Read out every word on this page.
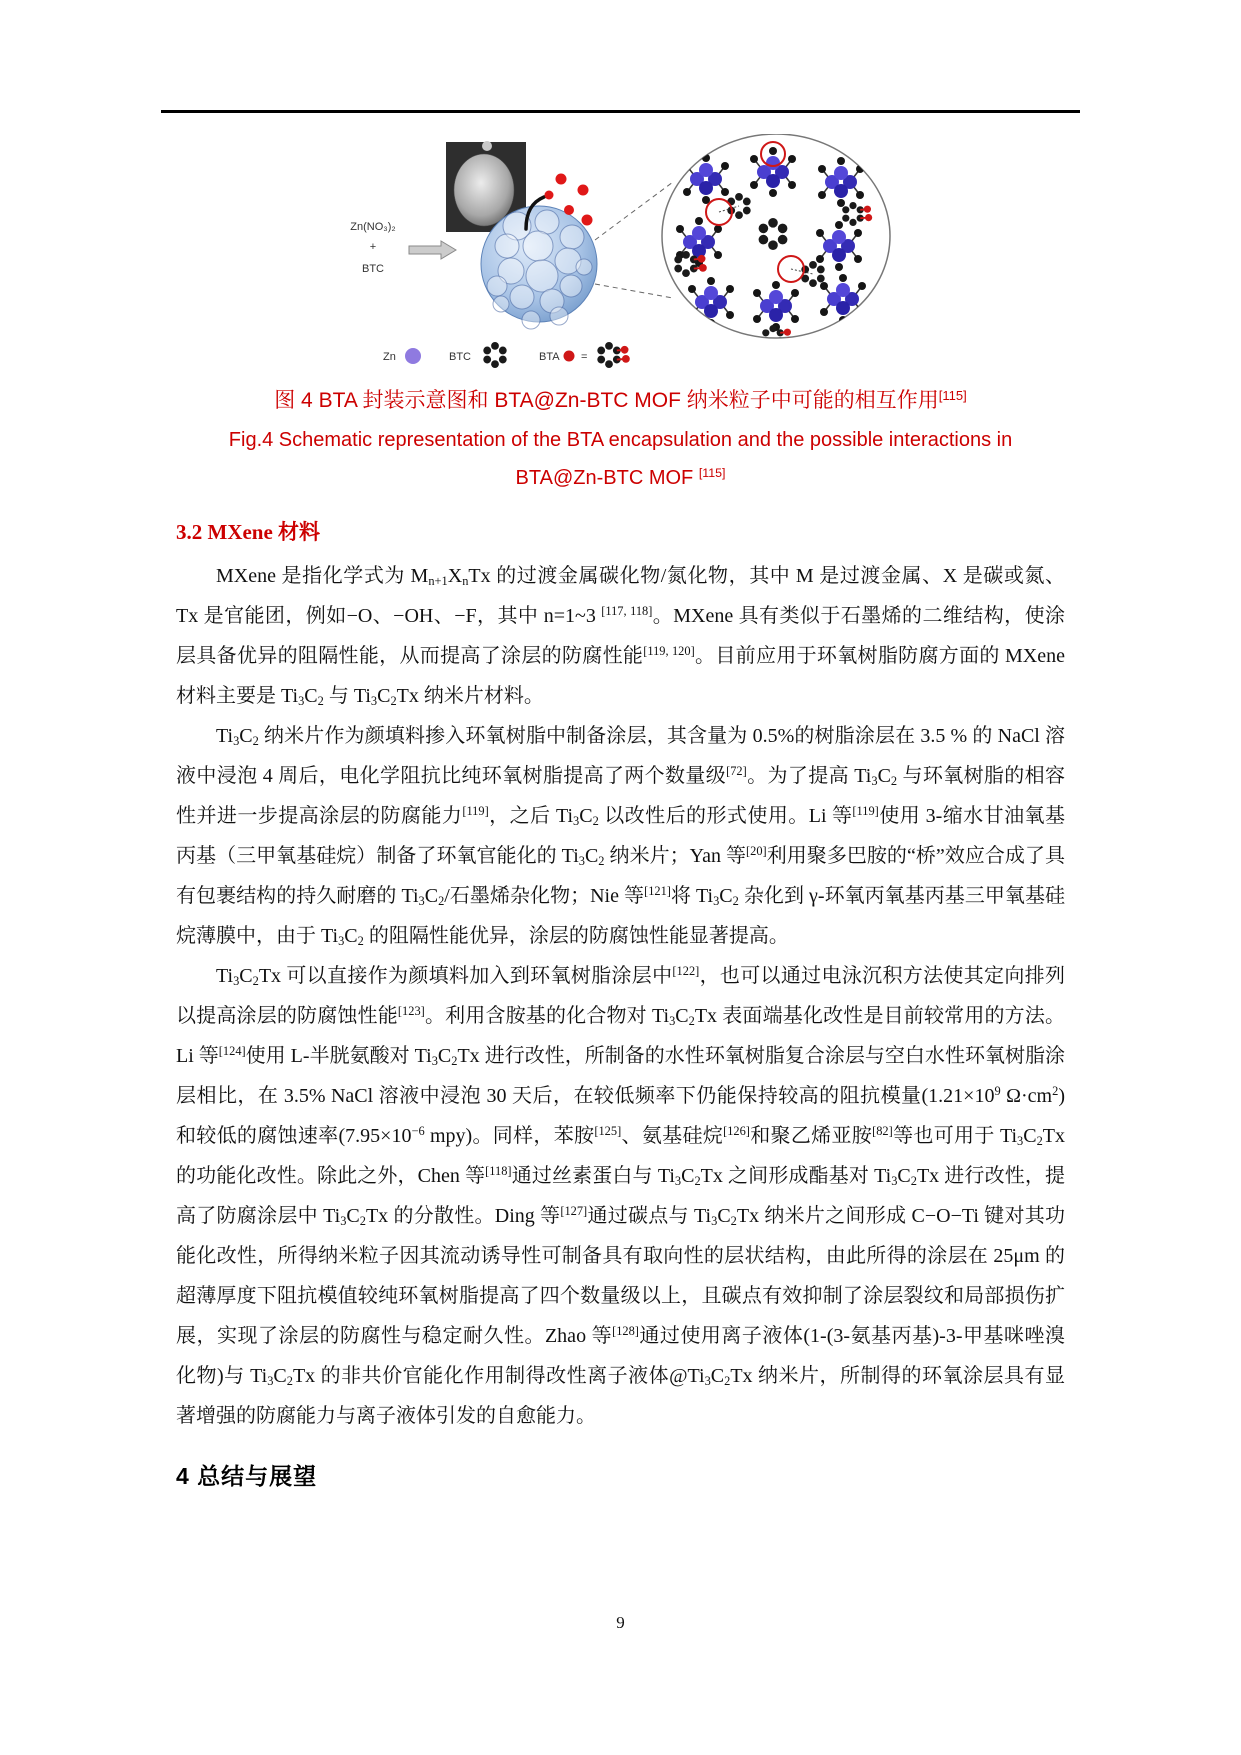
Zn(NO₃)₂
+
BTC
Zn	BTC	BTA =

图 4 BTA 封装示意图和 BTA@Zn-BTC MOF 纳米粒子中可能的相互作用[115]

Fig.4 Schematic representation of the BTA encapsulation and the possible interactions in

BTA@Zn-BTC MOF [115]

3.2 MXene 材料

MXene 是指化学式为 $M_{n+1}X_nTx$ 的过渡金属碳化物/氮化物，其中 M 是过渡金属、X 是碳或氮、Tx 是官能团，例如−O、−OH、−F，其中 n=1~3 [117, 118]。MXene 具有类似于石墨烯的二维结构，使涂层具备优异的阻隔性能，从而提高了涂层的防腐性能[119, 120]。目前应用于环氧树脂防腐方面的 MXene 材料主要是 $Ti_3C_2$ 与 $Ti_3C_2Tx$ 纳米片材料。

$Ti_3C_2$ 纳米片作为颜填料掺入环氧树脂中制备涂层，其含量为 0.5%的树脂涂层在 3.5 % 的 NaCl 溶液中浸泡 4 周后，电化学阻抗比纯环氧树脂提高了两个数量级[72]。为了提高 $Ti_3C_2$ 与环氧树脂的相容性并进一步提高涂层的防腐能力[119]，之后 $Ti_3C_2$ 以改性后的形式使用。Li 等[119]使用 3-缩水甘油氧基丙基（三甲氧基硅烷）制备了环氧官能化的 $Ti_3C_2$ 纳米片；Yan 等[20]利用聚多巴胺的“桥”效应合成了具有包裹结构的持久耐磨的 $Ti_3C_2/$石墨烯杂化物；Nie 等[121]将 $Ti_3C_2$ 杂化到 γ-环氧丙氧基丙基三甲氧基硅烷薄膜中，由于 $Ti_3C_2$ 的阻隔性能优异，涂层的防腐蚀性能显著提高。

$Ti_3C_2Tx$ 可以直接作为颜填料加入到环氧树脂涂层中[122]，也可以通过电泳沉积方法使其定向排列以提高涂层的防腐蚀性能[123]。利用含胺基的化合物对 $Ti_3C_2Tx$ 表面端基化改性是目前较常用的方法。Li 等[124]使用 L-半胱氨酸对 $Ti_3C_2Tx$ 进行改性，所制备的水性环氧树脂复合涂层与空白水性环氧树脂涂层相比，在 3.5% NaCl 溶液中浸泡 30 天后，在较低频率下仍能保持较高的阻抗模量($1.21\times 10^9$ $\Omega\cdot cm^2$)和较低的腐蚀速率($7.95\times 10^{-6}$ mpy)。同样，苯胺[125]、氨基硅烷[126]和聚乙烯亚胺[82]等也可用于 $Ti_3C_2Tx$ 的功能化改性。除此之外，Chen 等[118]通过丝素蛋白与 $Ti_3C_2Tx$ 之间形成酯基对 $Ti_3C_2Tx$ 进行改性，提高了防腐涂层中 $Ti_3C_2Tx$ 的分散性。Ding 等[127]通过碳点与 $Ti_3C_2Tx$ 纳米片之间形成 C−O−Ti 键对其功能化改性，所得纳米粒子因其流动诱导性可制备具有取向性的层状结构，由此所得的涂层在 25μm 的超薄厚度下阻抗模值较纯环氧树脂提高了四个数量级以上，且碳点有效抑制了涂层裂纹和局部损伤扩展，实现了涂层的防腐性与稳定耐久性。Zhao 等[128]通过使用离子液体(1-(3-氨基丙基)-3-甲基咪唑溴化物)与 $Ti_3C_2Tx$ 的非共价官能化作用制得改性离子液体$@Ti_3C_2Tx$ 纳米片，所制得的环氧涂层具有显著增强的防腐能力与离子液体引发的自愈能力。

4 总结与展望
9
